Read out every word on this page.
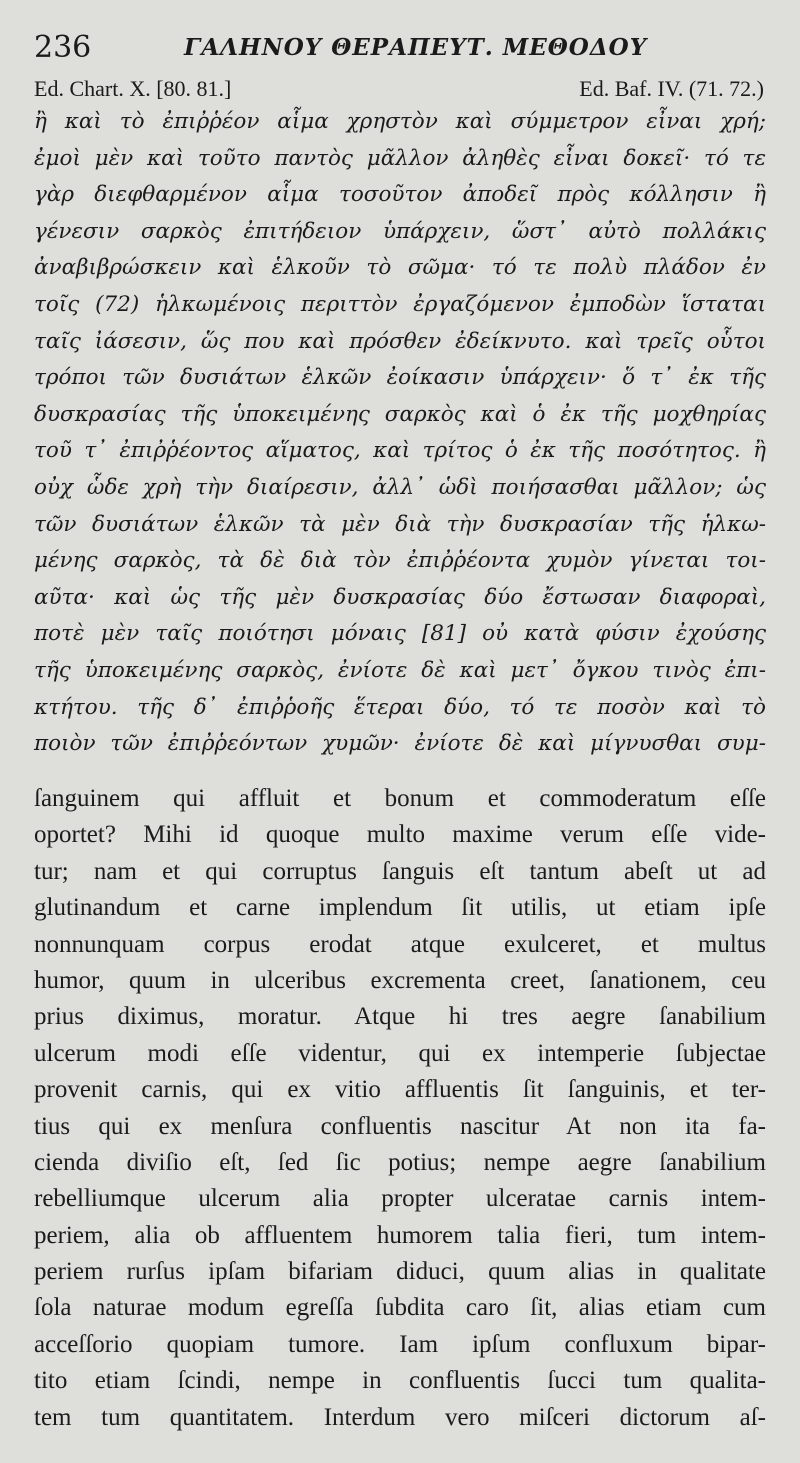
236	ΓΑΛΗΝΟΥ ΘΕΡΑΠΕΥΤ. ΜΕΘΟΔΟΥ
Ed. Chart. X. [80. 81.]	Ed. Baf. IV. (71. 72.)
ἢ καὶ τὸ ἐπιῤῥέον αἷμα χρηστὸν καὶ σύμμετρον εἶναι χρή;
ἐμοὶ μὲν καὶ τοῦτο παντὸς μᾶλλον ἀληθὲς εἶναι δοκεῖ· τό τε
γὰρ διεφθαρμένον αἷμα τοσοῦτον ἀποδεῖ πρὸς κόλλησιν ἢ
γένεσιν σαρκὸς ἐπιτήδειον ὑπάρχειν, ὥστ᾽ αὐτὸ πολλάκις
ἀναβιβρώσκειν καὶ ἑλκοῦν τὸ σῶμα· τό τε πολὺ πλάδον ἐν
τοῖς (72) ἡλκωμένοις περιττὸν ἐργαζόμενον ἐμποδὼν ἵσταται
ταῖς ἰάσεσιν, ὥς που καὶ πρόσθεν ἐδείκνυτο. καὶ τρεῖς οὗτοι
τρόποι τῶν δυσιάτων ἑλκῶν ἐοίκασιν ὑπάρχειν· ὅ τ᾽ ἐκ τῆς
δυσκρασίας τῆς ὑποκειμένης σαρκὸς καὶ ὁ ἐκ τῆς μοχθηρίας
τοῦ τ᾽ ἐπιῤῥέοντος αἵματος, καὶ τρίτος ὁ ἐκ τῆς ποσότητος. ἢ
οὐχ ὧδε χρὴ τὴν διαίρεσιν, ἀλλ᾽ ὡδὶ ποιήσασθαι μᾶλλον; ὡς
τῶν δυσιάτων ἑλκῶν τὰ μὲν διὰ τὴν δυσκρασίαν τῆς ἡλκω-
μένης σαρκὸς, τὰ δὲ διὰ τὸν ἐπιῤῥέοντα χυμὸν γίνεται τοι-
αῦτα· καὶ ὡς τῆς μὲν δυσκρασίας δύο ἔστωσαν διαφοραὶ,
ποτὲ μὲν ταῖς ποιότησι μόναις [81] οὐ κατὰ φύσιν ἐχούσης
τῆς ὑποκειμένης σαρκὸς, ἐνίοτε δὲ καὶ μετ᾽ ὄγκου τινὸς ἐπι-
κτήτου. τῆς δ᾽ ἐπιῤῥοῆς ἕτεραι δύο, τό τε ποσὸν καὶ τὸ
ποιὸν τῶν ἐπιῤῥεόντων χυμῶν· ἐνίοτε δὲ καὶ μίγνυσθαι συμ-
ſanguinem qui affluit et bonum et commoderatum eſſe
oportet? Mihi id quoque multo maxime verum eſſe vide-
tur; nam et qui corruptus ſanguis eſt tantum abeſt ut ad
glutinandum et carne implendum ſit utilis, ut etiam ipſe
nonnunquam corpus erodat atque exulceret, et multus
humor, quum in ulceribus excrementa creet, ſanationem, ceu
prius diximus, moratur. Atque hi tres aegre ſanabilium
ulcerum modi eſſe videntur, qui ex intemperie ſubjectae
provenit carnis, qui ex vitio affluentis ſit ſanguinis, et ter-
tius qui ex menſura confluentis nascitur At non ita fa-
cienda diviſio eſt, ſed ſic potius; nempe aegre ſanabilium
rebelliumque ulcerum alia propter ulceratae carnis intem-
periem, alia ob affluentem humorem talia fieri, tum intem-
periem rurſus ipſam bifariam diduci, quum alias in qualitate
ſola naturae modum egreſſa ſubdita caro ſit, alias etiam cum
acceſſorio quopiam tumore. Iam ipſum confluxum bipar-
tito etiam ſcindi, nempe in confluentis ſucci tum qualita-
tem tum quantitatem. Interdum vero miſceri dictorum aſ-
